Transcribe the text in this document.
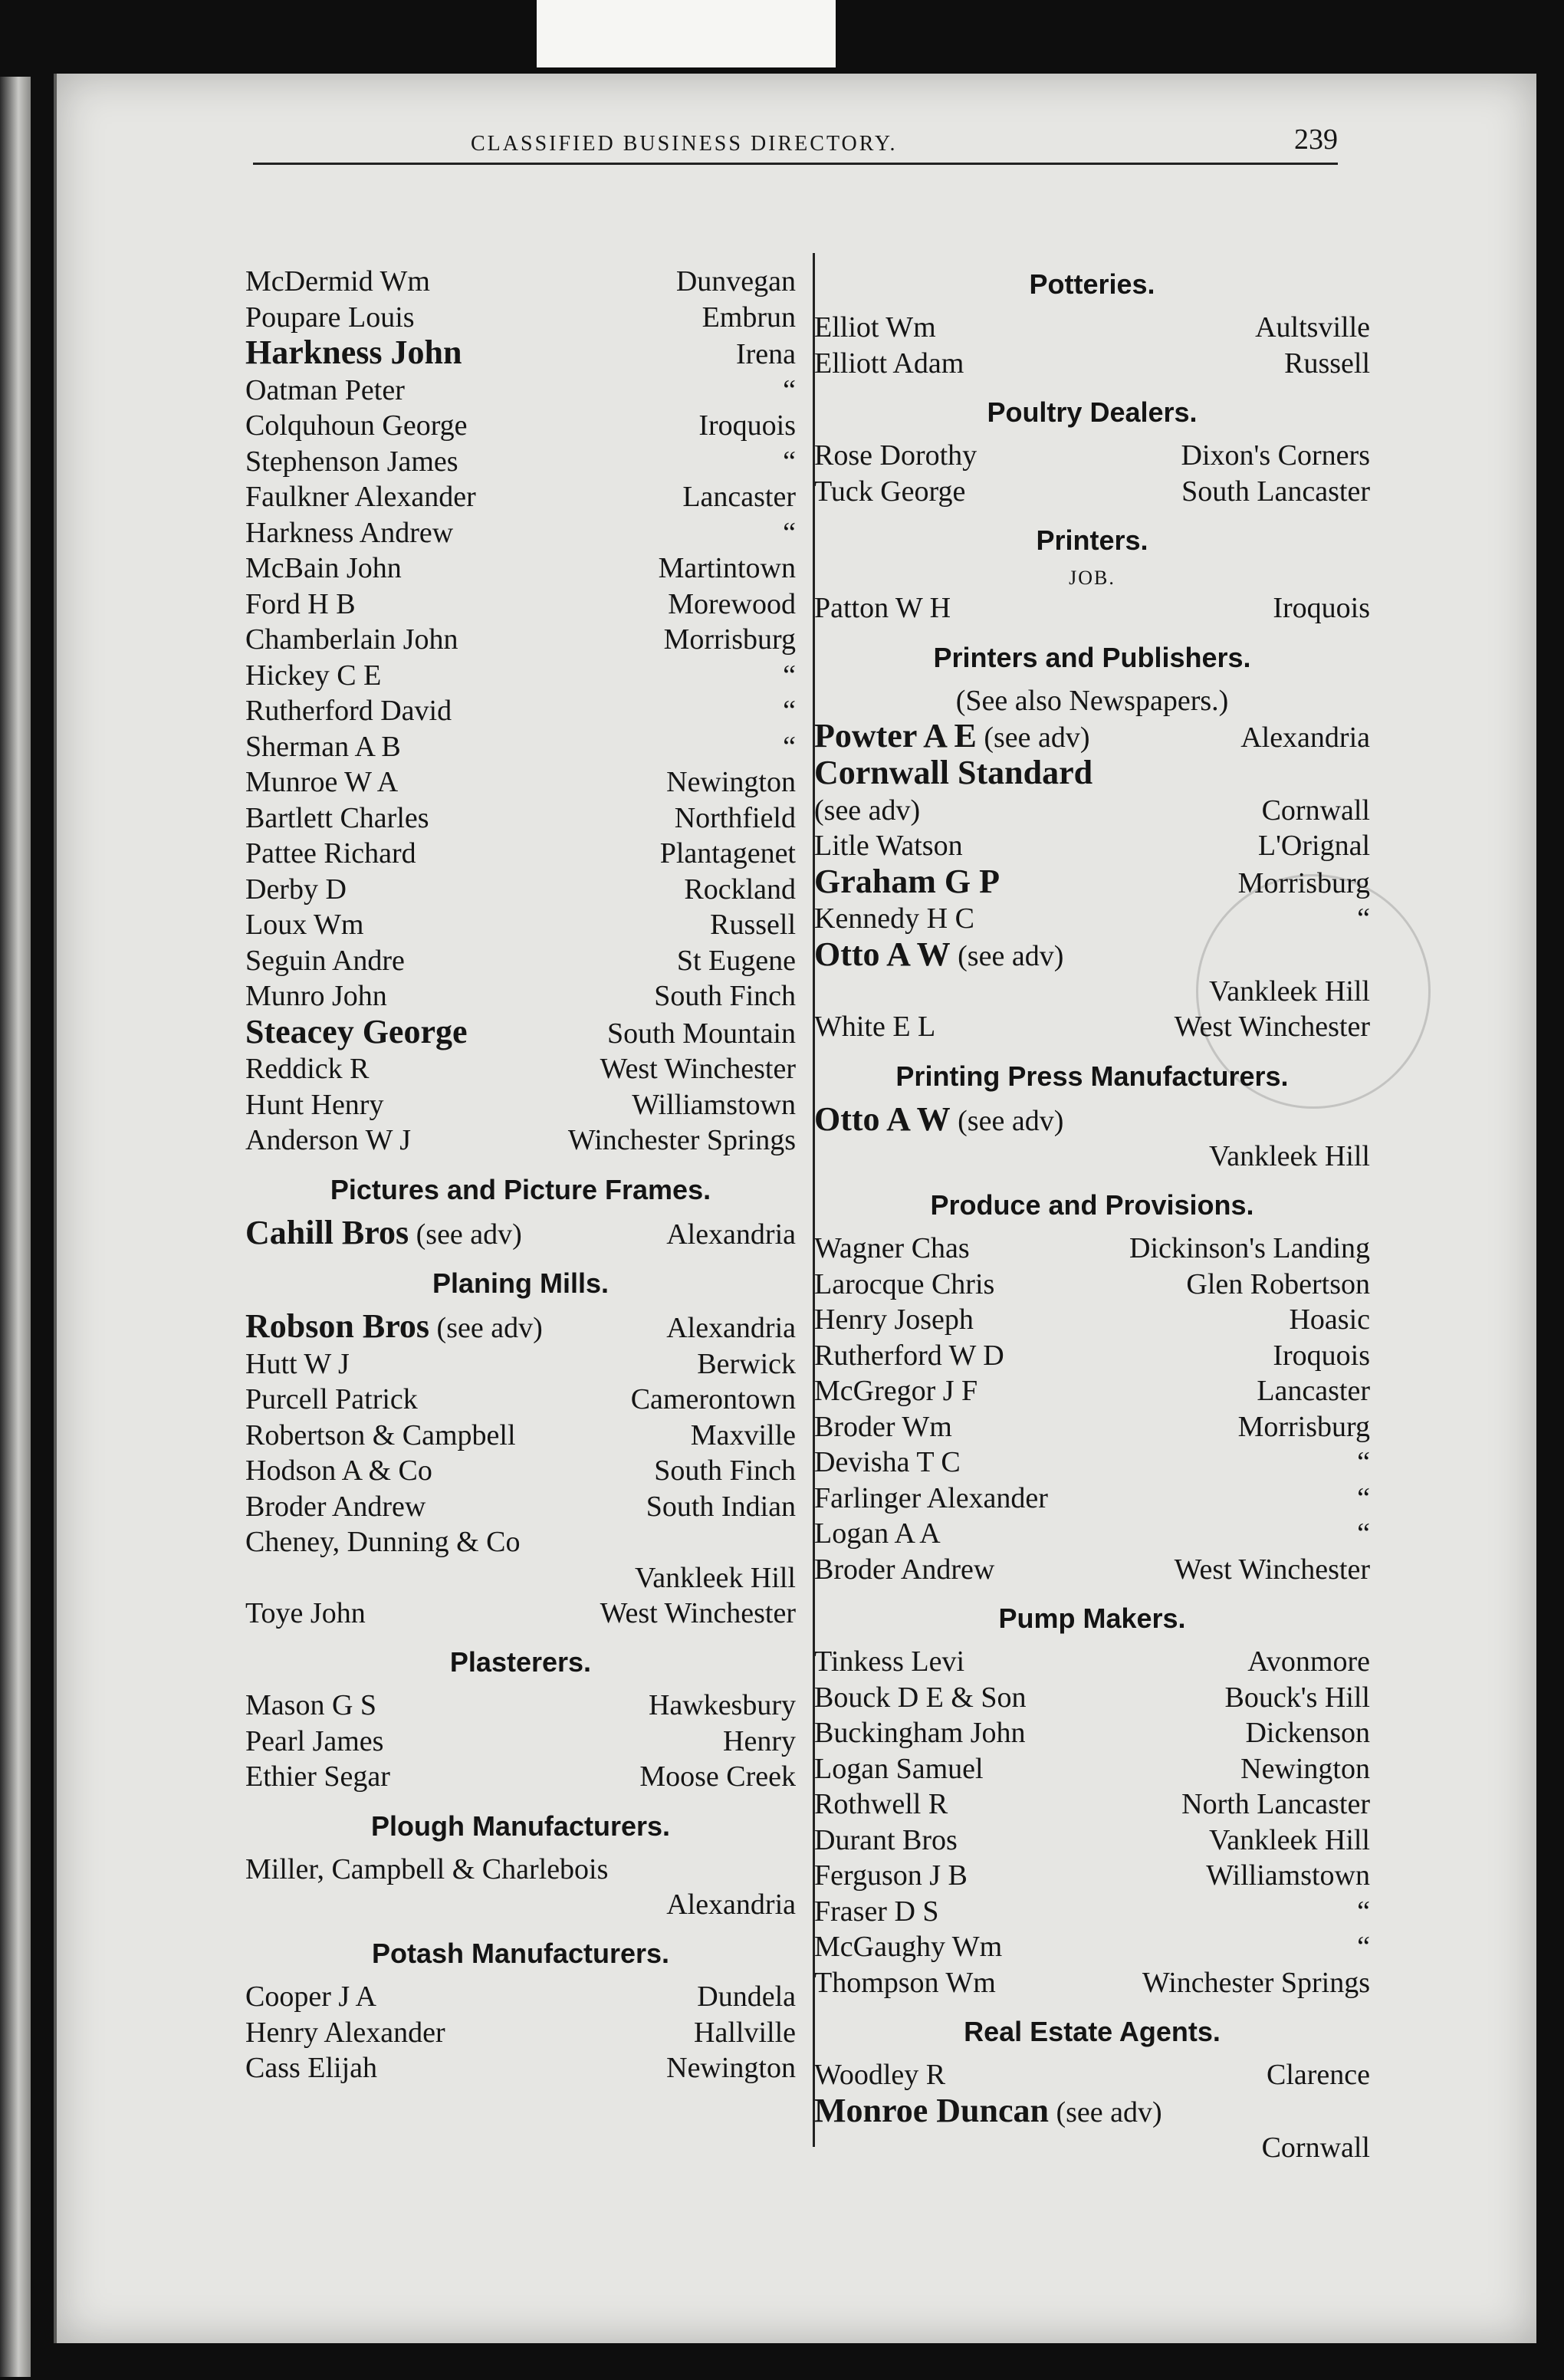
CLASSIFIED BUSINESS DIRECTORY.	239
McDermid Wm	Dunvegan
Poupare Louis	Embrun
Harkness John	Irena
Oatman Peter	“
Colquhoun George	Iroquois
Stephenson James	“
Faulkner Alexander	Lancaster
Harkness Andrew	“
McBain John	Martintown
Ford H B	Morewood
Chamberlain John	Morrisburg
Hickey C E	“
Rutherford David	“
Sherman A B	“
Munroe W A	Newington
Bartlett Charles	Northfield
Pattee Richard	Plantagenet
Derby D	Rockland
Loux Wm	Russell
Seguin Andre	St Eugene
Munro John	South Finch
Steacey George	South Mountain
Reddick R	West Winchester
Hunt Henry	Williamstown
Anderson W J	Winchester Springs
Pictures and Picture Frames.
Cahill Bros (see adv)	Alexandria
Planing Mills.
Robson Bros (see adv)	Alexandria
Hutt W J	Berwick
Purcell Patrick	Camerontown
Robertson & Campbell	Maxville
Hodson A & Co	South Finch
Broder Andrew	South Indian
Cheney, Dunning & Co
Vankleek Hill
Toye John	West Winchester
Plasterers.
Mason G S	Hawkesbury
Pearl James	Henry
Ethier Segar	Moose Creek
Plough Manufacturers.
Miller, Campbell & Charlebois
Alexandria
Potash Manufacturers.
Cooper J A	Dundela
Henry Alexander	Hallville
Cass Elijah	Newington
Potteries.
Elliot Wm	Aultsville
Elliott Adam	Russell
Poultry Dealers.
Rose Dorothy	Dixon's Corners
Tuck George	South Lancaster
Printers.
JOB.
Patton W H	Iroquois
Printers and Publishers.
(See also Newspapers.)
Powter A E (see adv)	Alexandria
Cornwall Standard
(see adv)	Cornwall
Litle Watson	L'Orignal
Graham G P	Morrisburg
Kennedy H C	“
Otto A W (see adv)
Vankleek Hill
White E L	West Winchester
Printing Press Manufacturers.
Otto A W (see adv)
Vankleek Hill
Produce and Provisions.
Wagner Chas	Dickinson's Landing
Larocque Chris	Glen Robertson
Henry Joseph	Hoasic
Rutherford W D	Iroquois
McGregor J F	Lancaster
Broder Wm	Morrisburg
Devisha T C	“
Farlinger Alexander	“
Logan A A	“
Broder Andrew	West Winchester
Pump Makers.
Tinkess Levi	Avonmore
Bouck D E & Son	Bouck's Hill
Buckingham John	Dickenson
Logan Samuel	Newington
Rothwell R	North Lancaster
Durant Bros	Vankleek Hill
Ferguson J B	Williamstown
Fraser D S	“
McGaughy Wm	“
Thompson Wm	Winchester Springs
Real Estate Agents.
Woodley R	Clarence
Monroe Duncan (see adv)
Cornwall
